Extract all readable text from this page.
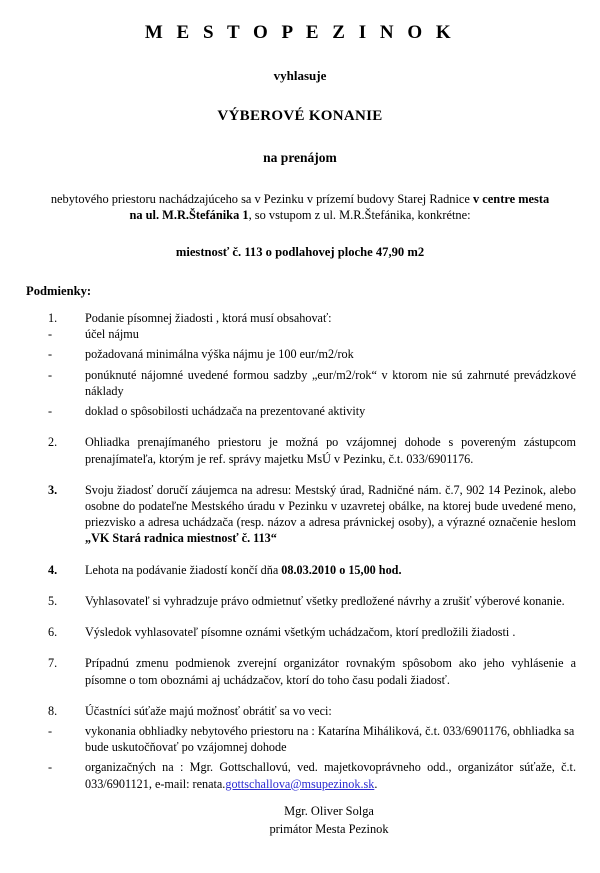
M E S T O P E Z I N O K
vyhlasuje
VÝBEROVÉ KONANIE
na prenájom
nebytového priestoru nachádzajúceho sa v Pezinku v prízemí budovy Starej Radnice v centre mesta
na ul. M.R.Štefánika 1, so vstupom z ul. M.R.Štefánika, konkrétne:
miestnosť č. 113 o podlahovej ploche 47,90 m2
Podmienky:
1.	Podanie písomnej žiadosti , ktorá musí obsahovať:
-	účel nájmu
-	požadovaná minimálna výška nájmu je 100 eur/m2/rok
-	ponúknuté nájomné uvedené formou sadzby „eur/m2/rok“ v ktorom nie sú zahrnuté prevádzkové náklady
-	doklad o spôsobilosti uchádzača na prezentované aktivity
2.	Ohliadka prenajímaného priestoru je možná po vzájomnej dohode s povereným zástupcom prenajímateľa, ktorým je ref. správy majetku MsÚ v Pezinku, č.t. 033/6901176.
3.	Svoju žiadosť doručí záujemca na adresu: Mestský úrad, Radničné nám. č.7, 902 14 Pezinok, alebo osobne do podateľne Mestského úradu v Pezinku v uzavretej obálke, na ktorej bude uvedené meno, priezvisko a adresa uchádzača (resp. názov a adresa právnickej osoby), a výrazné označenie heslom „VK Stará radnica miestnosť č. 113“
4.	Lehota na podávanie žiadostí končí dňa 08.03.2010 o 15,00 hod.
5.	Vyhlasovateľ si vyhradzuje právo odmietnuť všetky predložené návrhy a zrušiť výberové konanie.
6.	Výsledok vyhlasovateľ písomne oznámi všetkým uchádzačom, ktorí predložili žiadosti .
7.	Prípadnú zmenu podmienok zverejní organizátor rovnakým spôsobom ako jeho vyhlásenie a písomne o tom oboznámi aj uchádzačov, ktorí do toho času podali žiadosť.
8.	Účastníci súťaže majú možnosť obrátiť sa vo veci:
-	vykonania obhliadky nebytového priestoru na : Katarína Miháliková, č.t. 033/6901176, obhliadka sa bude uskutočňovať po vzájomnej dohode
-	organizačných na : Mgr. Gottschallovú, ved. majetkovoprávneho odd., organizátor súťaže, č.t. 033/6901121, e-mail: renata.gottschallova@msupezinok.sk.
Mgr. Oliver Solga
primátor Mesta Pezinok
